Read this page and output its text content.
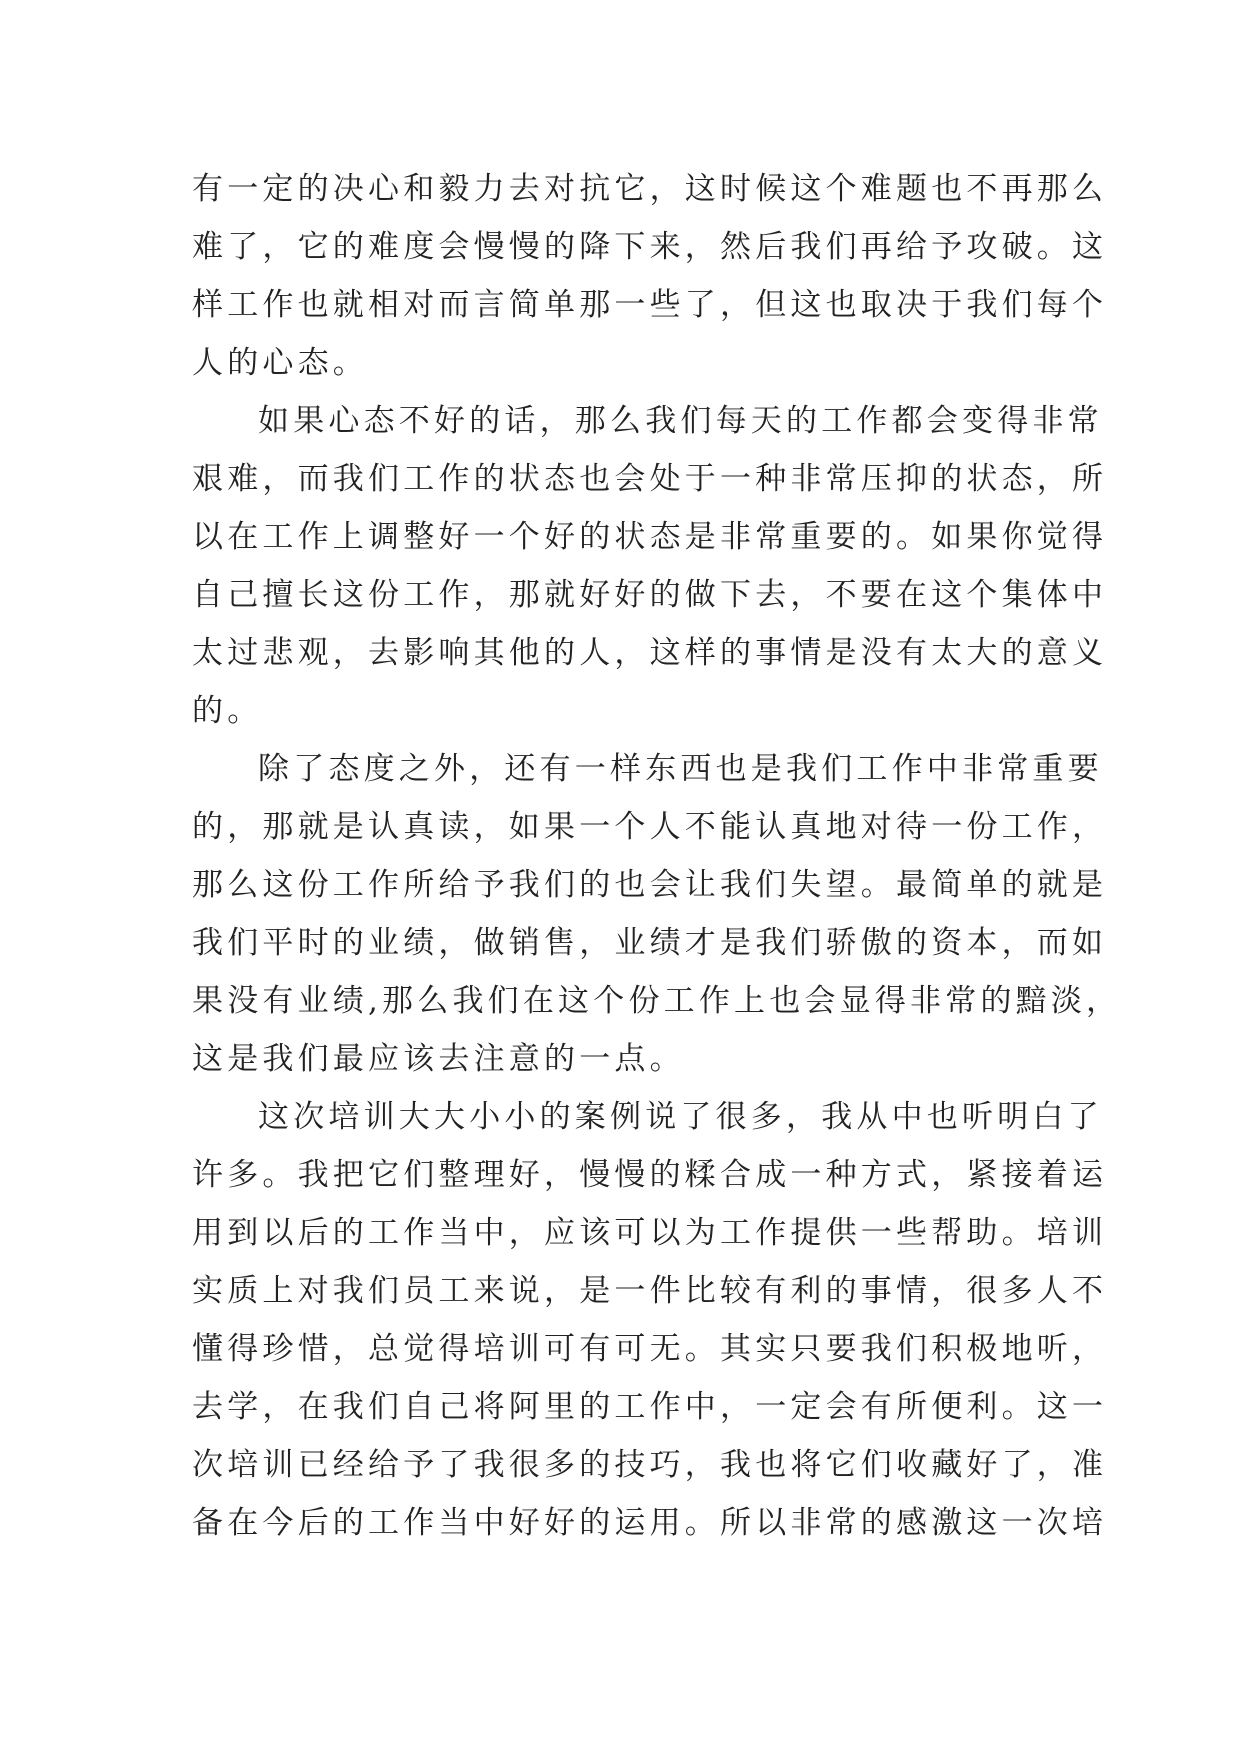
有一定的决心和毅力去对抗它，这时候这个难题也不再那么
难了，它的难度会慢慢的降下来，然后我们再给予攻破。这
样工作也就相对而言简单那一些了，但这也取决于我们每个
人的心态。
如果心态不好的话，那么我们每天的工作都会变得非常
艰难，而我们工作的状态也会处于一种非常压抑的状态，所
以在工作上调整好一个好的状态是非常重要的。如果你觉得
自己擅长这份工作，那就好好的做下去，不要在这个集体中
太过悲观，去影响其他的人，这样的事情是没有太大的意义
的。
除了态度之外，还有一样东西也是我们工作中非常重要
的，那就是认真读，如果一个人不能认真地对待一份工作，
那么这份工作所给予我们的也会让我们失望。最简单的就是
我们平时的业绩，做销售，业绩才是我们骄傲的资本，而如
果没有业绩,那么我们在这个份工作上也会显得非常的黯淡，
这是我们最应该去注意的一点。
这次培训大大小小的案例说了很多，我从中也听明白了
许多。我把它们整理好，慢慢的糅合成一种方式，紧接着运
用到以后的工作当中，应该可以为工作提供一些帮助。培训
实质上对我们员工来说，是一件比较有利的事情，很多人不
懂得珍惜，总觉得培训可有可无。其实只要我们积极地听，
去学，在我们自己将阿里的工作中，一定会有所便利。这一
次培训已经给予了我很多的技巧，我也将它们收藏好了，准
备在今后的工作当中好好的运用。所以非常的感激这一次培
